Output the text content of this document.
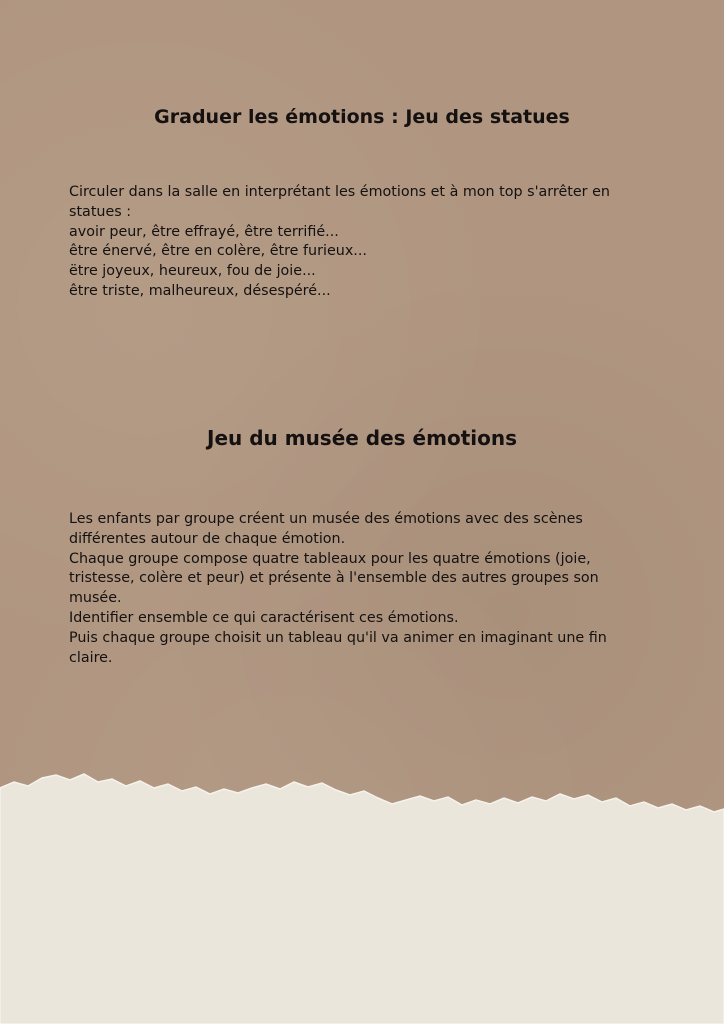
Graduer les émotions : Jeu des statues
Circuler dans la salle en interprétant les émotions et à mon top s'arrêter en
statues :
avoir peur, être effrayé, être terrifié...
être énervé, être en colère, être furieux...
ëtre joyeux, heureux, fou de joie...
être triste, malheureux, désespéré...
Jeu du musée des émotions
Les enfants par groupe créent un musée des émotions avec des scènes
différentes autour de chaque émotion.
Chaque groupe compose quatre tableaux pour les quatre émotions (joie,
tristesse, colère et peur) et présente à l'ensemble des autres groupes son
musée.
Identifier ensemble ce qui caractérisent ces émotions.
Puis chaque groupe choisit un tableau qu'il va animer en imaginant une fin
claire.
